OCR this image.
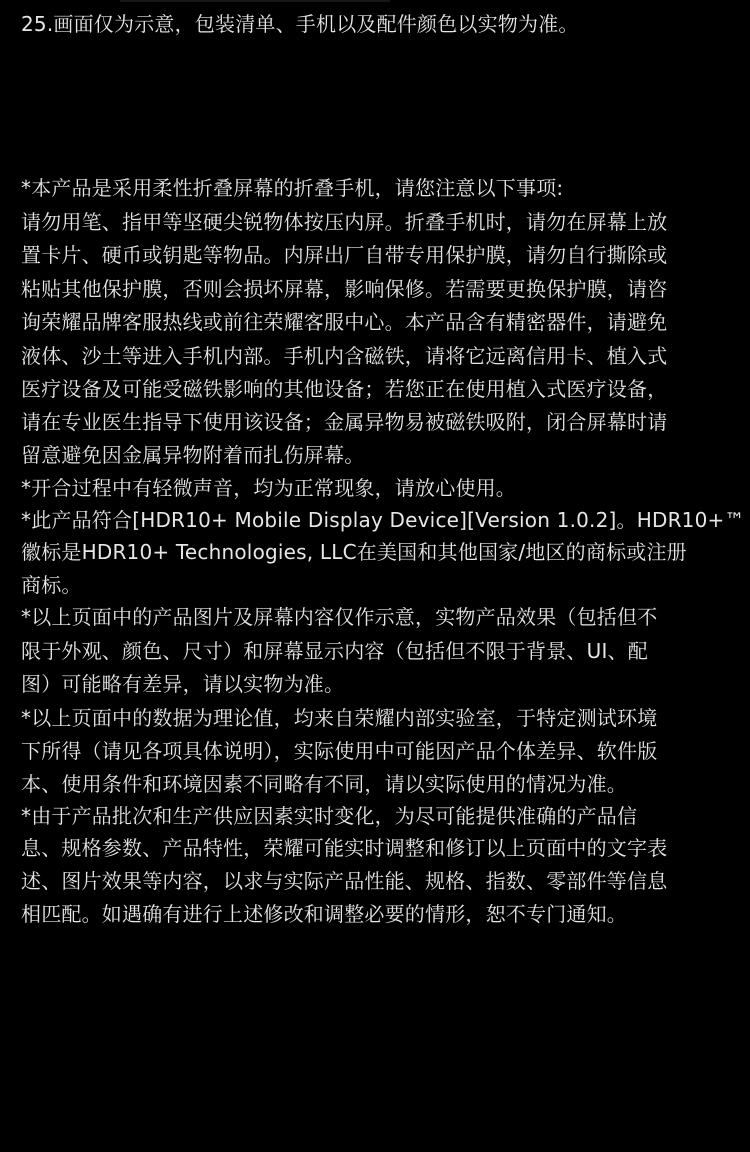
25.画面仅为示意，包装清单、手机以及配件颜色以实物为准。
*本产品是采用柔性折叠屏幕的折叠手机，请您注意以下事项:
请勿用笔、指甲等坚硬尖锐物体按压内屏。折叠手机时，请勿在屏幕上放
置卡片、硬币或钥匙等物品。内屏出厂自带专用保护膜，请勿自行撕除或
粘贴其他保护膜，否则会损坏屏幕，影响保修。若需要更换保护膜，请咨
询荣耀品牌客服热线或前往荣耀客服中心。本产品含有精密器件，请避免
液体、沙土等进入手机内部。手机内含磁铁，请将它远离信用卡、植入式
医疗设备及可能受磁铁影响的其他设备；若您正在使用植入式医疗设备，
请在专业医生指导下使用该设备；金属异物易被磁铁吸附，闭合屏幕时请
留意避免因金属异物附着而扎伤屏幕。
*开合过程中有轻微声音，均为正常现象，请放心使用。
*此产品符合[HDR10+ Mobile Display Device][Version 1.0.2]。HDR10+™
徽标是HDR10+ Technologies, LLC在美国和其他国家/地区的商标或注册
商标。
*以上页面中的产品图片及屏幕内容仅作示意，实物产品效果（包括但不
限于外观、颜色、尺寸）和屏幕显示内容（包括但不限于背景、UI、配
图）可能略有差异，请以实物为准。
*以上页面中的数据为理论值，均来自荣耀内部实验室，于特定测试环境
下所得（请见各项具体说明），实际使用中可能因产品个体差异、软件版
本、使用条件和环境因素不同略有不同，请以实际使用的情况为准。
*由于产品批次和生产供应因素实时变化，为尽可能提供准确的产品信
息、规格参数、产品特性，荣耀可能实时调整和修订以上页面中的文字表
述、图片效果等内容，以求与实际产品性能、规格、指数、零部件等信息
相匹配。如遇确有进行上述修改和调整必要的情形，恕不专门通知。
